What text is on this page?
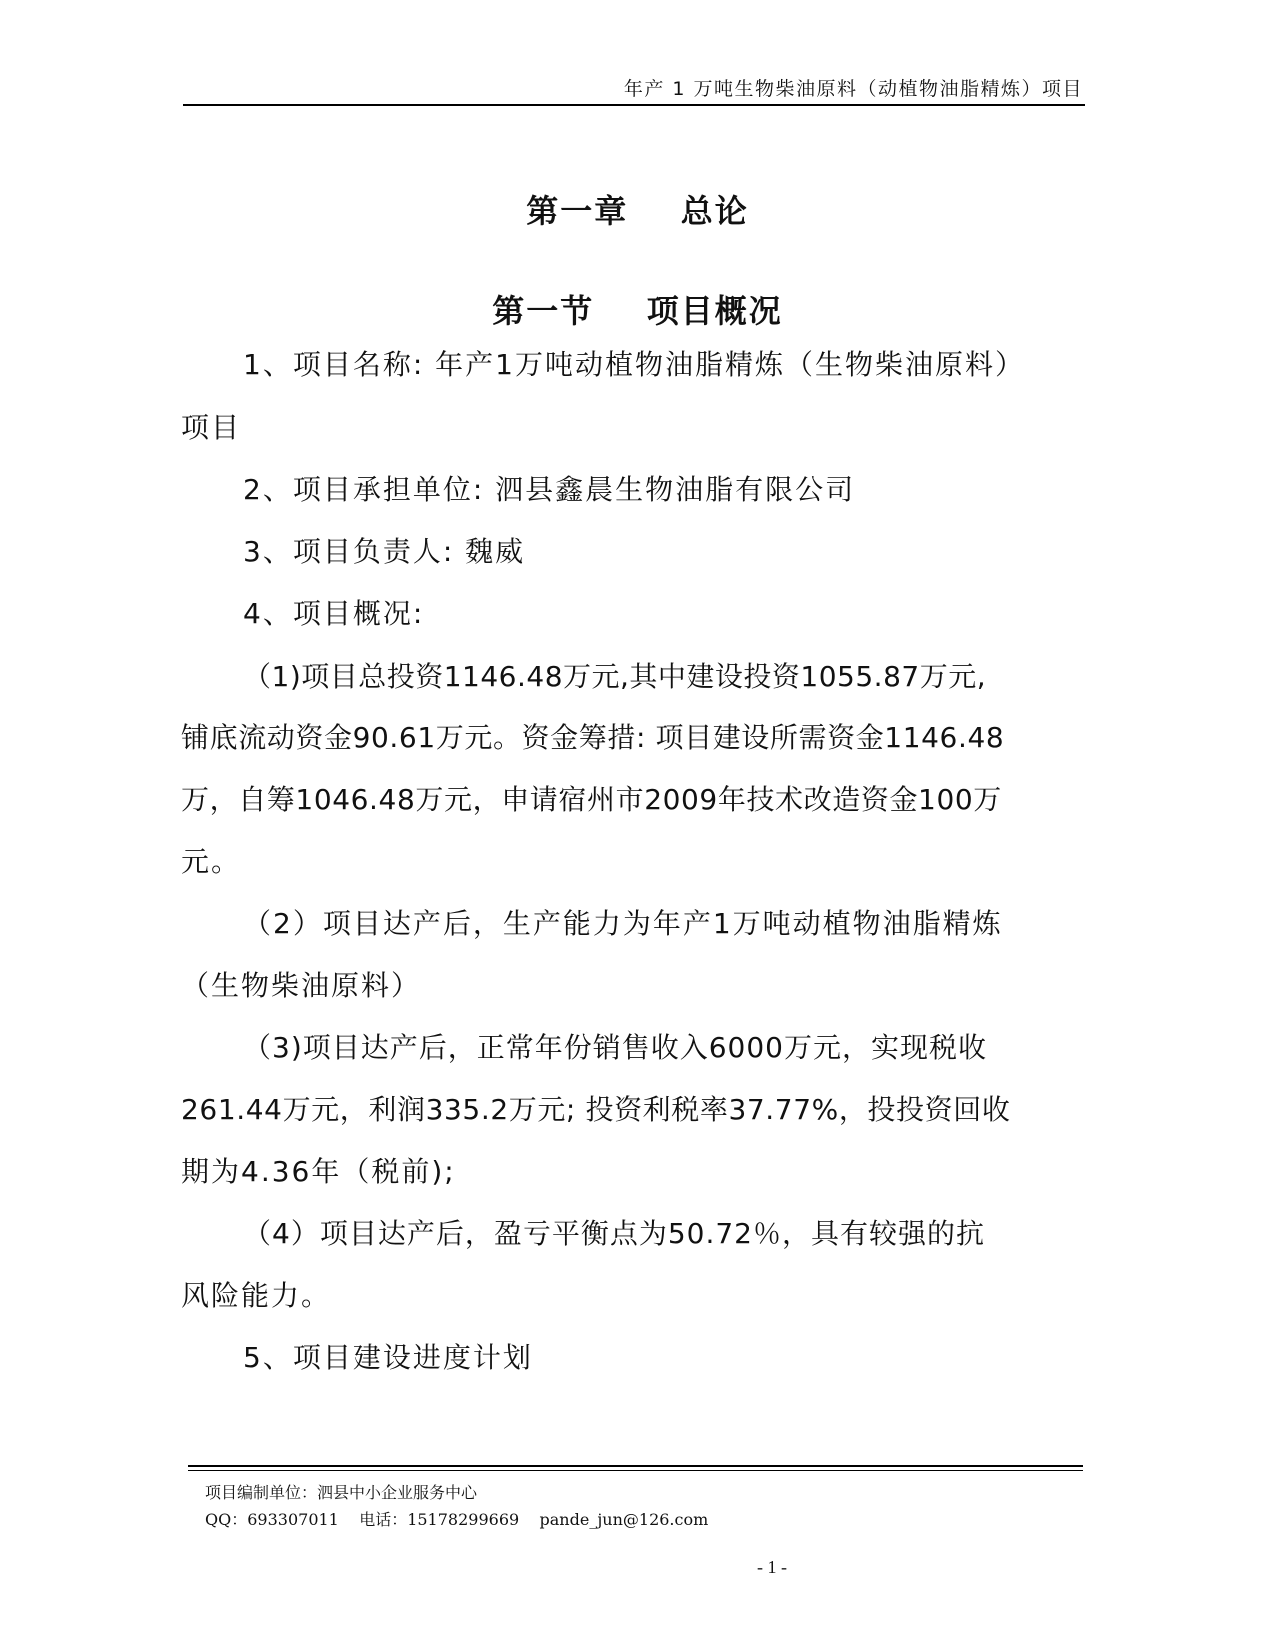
年产 1 万吨生物柴油原料（动植物油脂精炼）项目
第一章    总论
第一节    项目概况
1、项目名称: 年产1万吨动植物油脂精炼（生物柴油原料）
项目
2、项目承担单位: 泗县鑫晨生物油脂有限公司
3、项目负责人: 魏威
4、项目概况:
（1)项目总投资1146.48万元,其中建设投资1055.87万元,
铺底流动资金90.61万元。资金筹措: 项目建设所需资金1146.48
万，自筹1046.48万元，申请宿州市2009年技术改造资金100万
元。
（2）项目达产后，生产能力为年产1万吨动植物油脂精炼
（生物柴油原料）
（3)项目达产后，正常年份销售收入6000万元，实现税收
261.44万元，利润335.2万元; 投资利税率37.77%，投投资回收
期为4.36年（税前);
（4）项目达产后，盈亏平衡点为50.72％，具有较强的抗
风险能力。
5、项目建设进度计划
项目编制单位：泗县中小企业服务中心
QQ：693307011    电话：15178299669    pande_jun@126.com
- 1 -
